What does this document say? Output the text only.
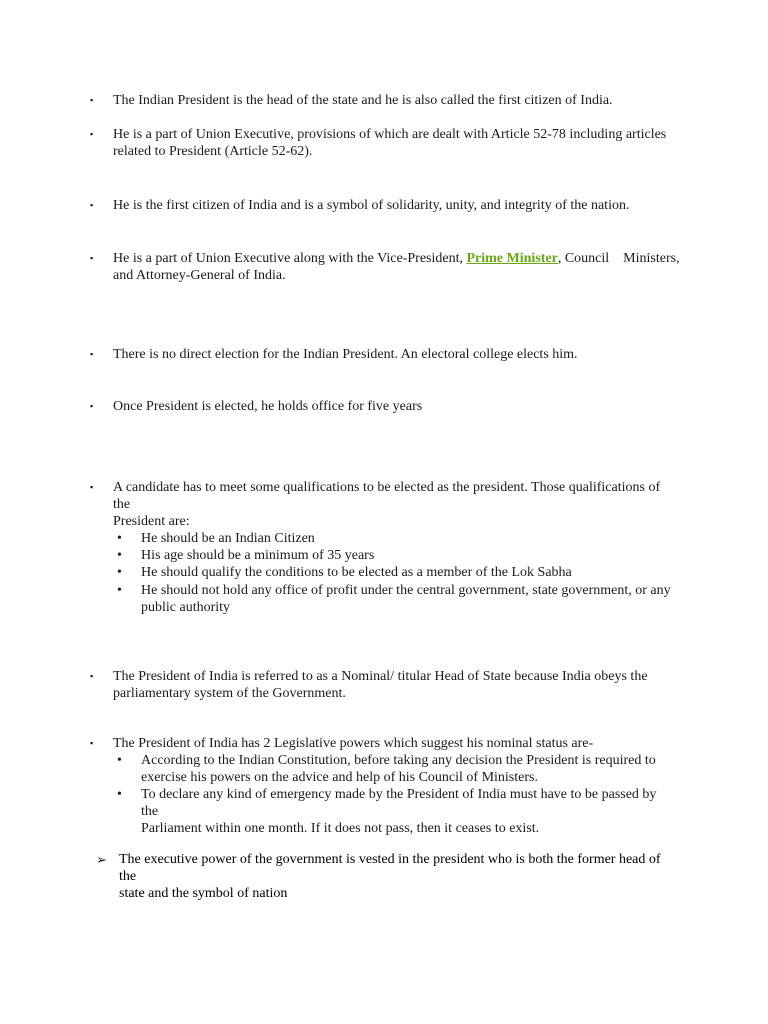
▪	The Indian President is the head of the state and he is also called the first citizen of India.
▪	He is a part of Union Executive, provisions of which are dealt with Article 52-78 including articles
related to President (Article 52-62).
▪	He is the first citizen of India and is a symbol of solidarity, unity, and integrity of the nation.
▪	He is a part of Union Executive along with the Vice-President, Prime Minister, Council    Ministers,
and Attorney-General of India.
▪	There is no direct election for the Indian President. An electoral college elects him.
▪	Once President is elected, he holds office for five years
▪	A candidate has to meet some qualifications to be elected as the president. Those qualifications of the
President are:
• He should be an Indian Citizen
• His age should be a minimum of 35 years
• He should qualify the conditions to be elected as a member of the Lok Sabha
• He should not hold any office of profit under the central government, state government, or any
public authority
▪	The President of India is referred to as a Nominal/ titular Head of State because India obeys the
parliamentary system of the Government.
▪	The President of India has 2 Legislative powers which suggest his nominal status are-
• According to the Indian Constitution, before taking any decision the President is required to
exercise his powers on the advice and help of his Council of Ministers.
• To declare any kind of emergency made by the President of India must have to be passed by the
Parliament within one month. If it does not pass, then it ceases to exist.
➢ The executive power of the government is vested in the president who is both the former head of the
state and the symbol of nation
